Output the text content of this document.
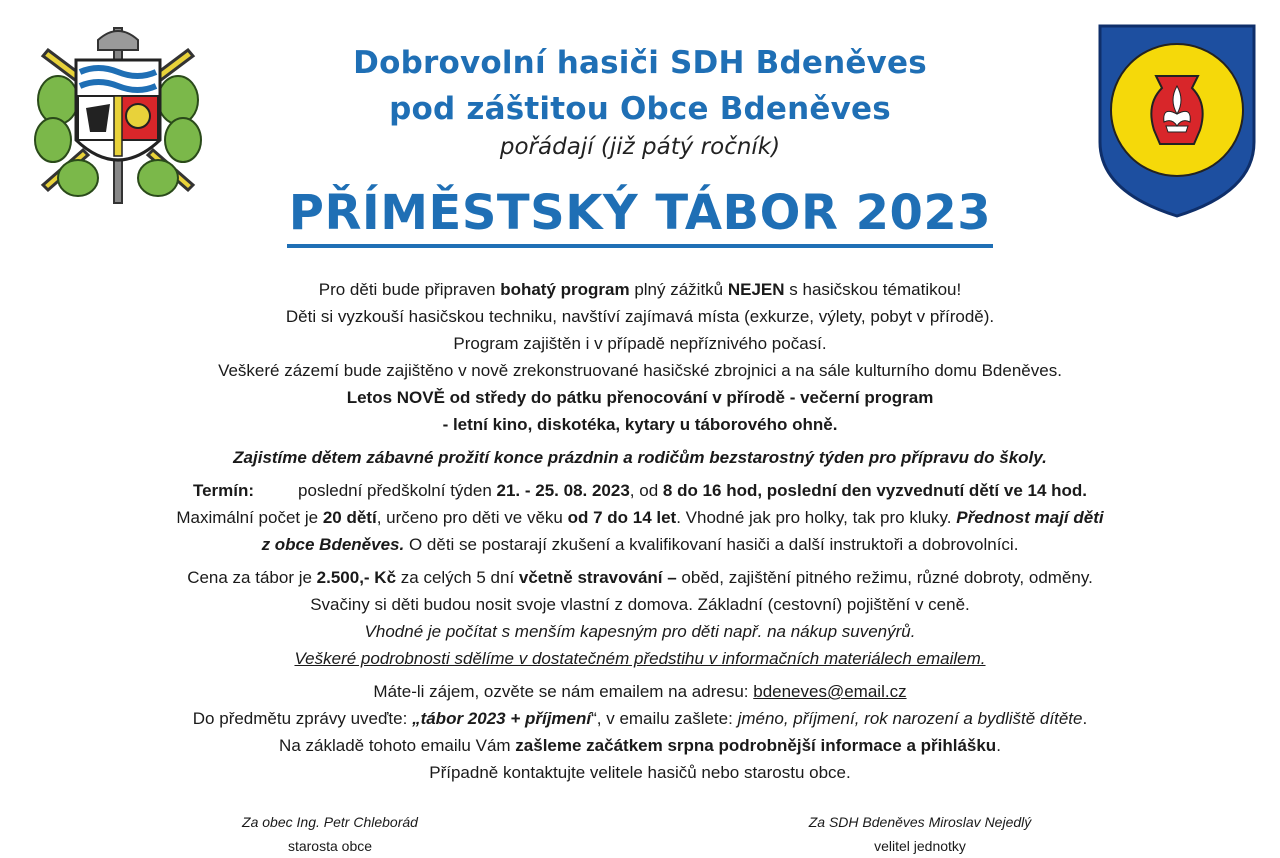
Dobrovolní hasiči SDH Bdeněves
pod záštitou Obce Bdeněves
pořádají (již pátý ročník)
PŘÍMĚSTSKÝ TÁBOR 2023

Pro děti bude připraven bohatý program plný zážitků NEJEN s hasičskou tématikou!

Děti si vyzkouší hasičskou techniku, navštíví zajímavá místa (exkurze, výlety, pobyt v přírodě).

Program zajištěn i v případě nepříznivého počasí.

Veškeré zázemí bude zajištěno v nově zrekonstruované hasičské zbrojnici a na sále kulturního domu Bdeněves.

Letos NOVĚ od středy do pátku přenocování v přírodě - večerní program

- letní kino, diskotéka, kytary u táborového ohně.

Zajistíme dětem zábavné prožití konce prázdnin a rodičům bezstarostný týden pro přípravu do školy.

Termín:	poslední předškolní týden 21. - 25. 08. 2023, od 8 do 16 hod, poslední den vyzvednutí dětí ve 14 hod.

Maximální počet je 20 dětí, určeno pro děti ve věku od 7 do 14 let. Vhodné jak pro holky, tak pro kluky. Přednost mají děti

z obce Bdeněves. O děti se postarají zkušení a kvalifikovaní hasiči a další instruktoři a dobrovolníci.

Cena za tábor je 2.500,- Kč za celých 5 dní včetně stravování – oběd, zajištění pitného režimu, různé dobroty, odměny.

Svačiny si děti budou nosit svoje vlastní z domova. Základní (cestovní) pojištění v ceně.

Vhodné je počítat s menším kapesným pro děti např. na nákup suvenýrů.

Veškeré podrobnosti sdělíme v dostatečném předstihu v informačních materiálech emailem.

Máte-li zájem, ozvěte se nám emailem na adresu: bdeneves@email.cz

Do předmětu zprávy uveďte: „tábor 2023 + příjmení“, v emailu zašlete: jméno, příjmení, rok narození a bydliště dítěte.

Na základě tohoto emailu Vám zašleme začátkem srpna podrobnější informace a přihlášku.

Případně kontaktujte velitele hasičů nebo starostu obce.

Za obec Ing. Petr Chleborád
starosta obce
Za SDH Bdeněves Miroslav Nejedlý
velitel jednotky
